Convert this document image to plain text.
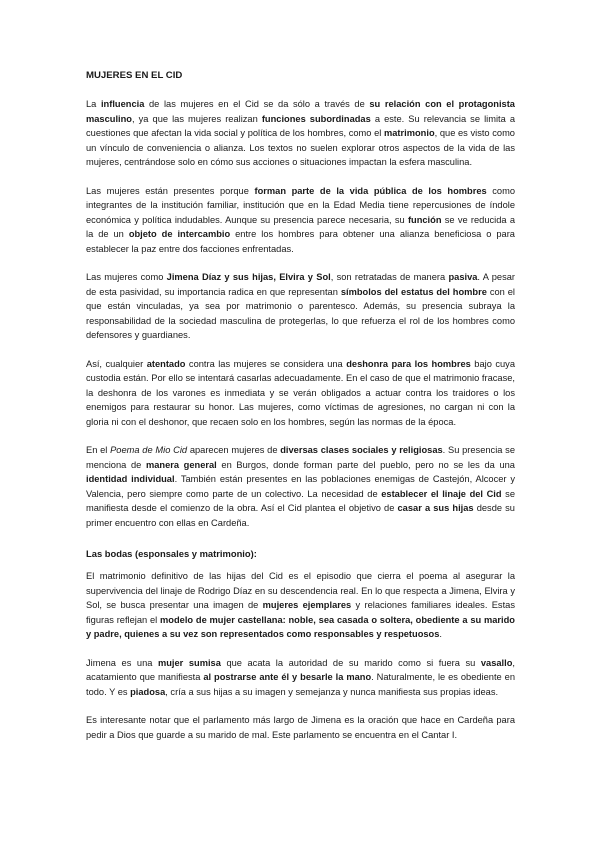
MUJERES EN EL CID

La influencia de las mujeres en el Cid se da sólo a través de su relación con el protagonista masculino, ya que las mujeres realizan funciones subordinadas a este. Su relevancia se limita a cuestiones que afectan la vida social y política de los hombres, como el matrimonio, que es visto como un vínculo de conveniencia o alianza. Los textos no suelen explorar otros aspectos de la vida de las mujeres, centrándose solo en cómo sus acciones o situaciones impactan la esfera masculina.

Las mujeres están presentes porque forman parte de la vida pública de los hombres como integrantes de la institución familiar, institución que en la Edad Media tiene repercusiones de índole económica y política indudables. Aunque su presencia parece necesaria, su función se ve reducida a la de un objeto de intercambio entre los hombres para obtener una alianza beneficiosa o para establecer la paz entre dos facciones enfrentadas.

Las mujeres como Jimena Díaz y sus hijas, Elvira y Sol, son retratadas de manera pasiva. A pesar de esta pasividad, su importancia radica en que representan símbolos del estatus del hombre con el que están vinculadas, ya sea por matrimonio o parentesco. Además, su presencia subraya la responsabilidad de la sociedad masculina de protegerlas, lo que refuerza el rol de los hombres como defensores y guardianes.

Así, cualquier atentado contra las mujeres se considera una deshonra para los hombres bajo cuya custodia están. Por ello se intentará casarlas adecuadamente. En el caso de que el matrimonio fracase, la deshonra de los varones es inmediata y se verán obligados a actuar contra los traidores o los enemigos para restaurar su honor. Las mujeres, como víctimas de agresiones, no cargan ni con la gloria ni con el deshonor, que recaen solo en los hombres, según las normas de la época.

En el Poema de Mio Cid aparecen mujeres de diversas clases sociales y religiosas. Su presencia se menciona de manera general en Burgos, donde forman parte del pueblo, pero no se les da una identidad individual. También están presentes en las poblaciones enemigas de Castejón, Alcocer y Valencia, pero siempre como parte de un colectivo. La necesidad de establecer el linaje del Cid se manifiesta desde el comienzo de la obra. Así el Cid plantea el objetivo de casar a sus hijas desde su primer encuentro con ellas en Cardeña.

Las bodas (esponsales y matrimonio):

El matrimonio definitivo de las hijas del Cid es el episodio que cierra el poema al asegurar la supervivencia del linaje de Rodrigo Díaz en su descendencia real. En lo que respecta a Jimena, Elvira y Sol, se busca presentar una imagen de mujeres ejemplares y relaciones familiares ideales. Estas figuras reflejan el modelo de mujer castellana: noble, sea casada o soltera, obediente a su marido y padre, quienes a su vez son representados como responsables y respetuosos.

Jimena es una mujer sumisa que acata la autoridad de su marido como si fuera su vasallo, acatamiento que manifiesta al postrarse ante él y besarle la mano. Naturalmente, le es obediente en todo. Y es piadosa, cría a sus hijas a su imagen y semejanza y nunca manifiesta sus propias ideas.

Es interesante notar que el parlamento más largo de Jimena es la oración que hace en Cardeña para pedir a Dios que guarde a su marido de mal. Este parlamento se encuentra en el Cantar I.
